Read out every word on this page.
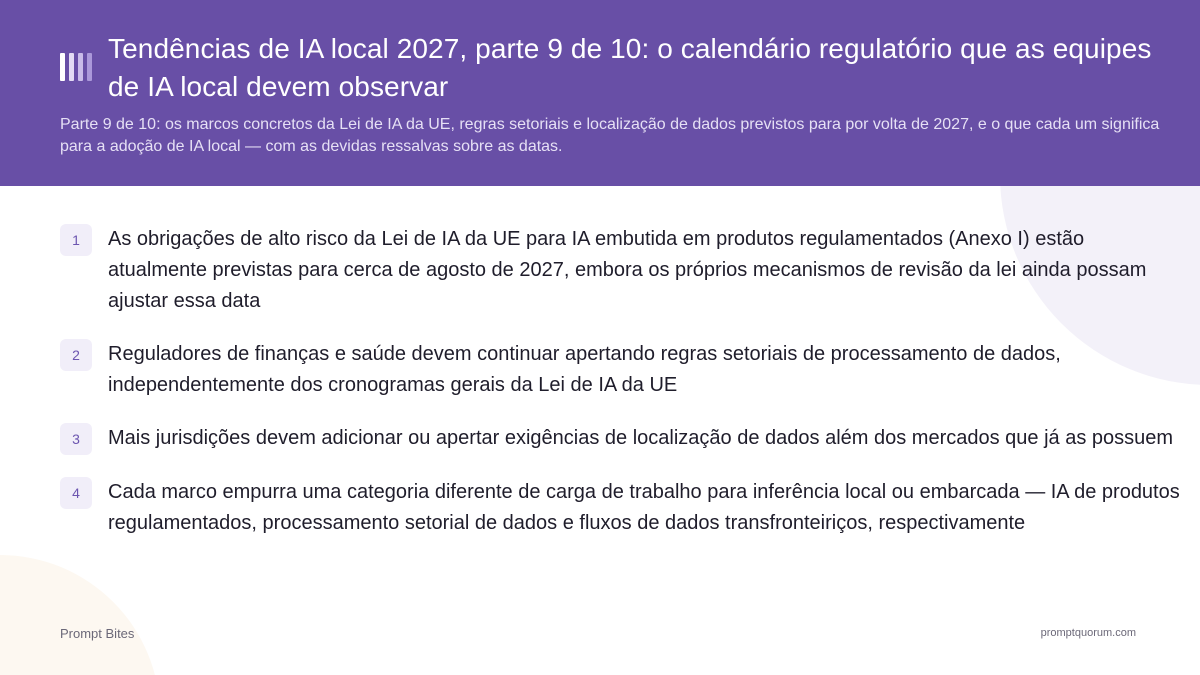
Tendências de IA local 2027, parte 9 de 10: o calendário regulatório que as equipes de IA local devem observar

Parte 9 de 10: os marcos concretos da Lei de IA da UE, regras setoriais e localização de dados previstos para por volta de 2027, e o que cada um significa para a adoção de IA local — com as devidas ressalvas sobre as datas.

1	As obrigações de alto risco da Lei de IA da UE para IA embutida em produtos regulamentados (Anexo I) estão atualmente previstas para cerca de agosto de 2027, embora os próprios mecanismos de revisão da lei ainda possam ajustar essa data
2	Reguladores de finanças e saúde devem continuar apertando regras setoriais de processamento de dados, independentemente dos cronogramas gerais da Lei de IA da UE
3	Mais jurisdições devem adicionar ou apertar exigências de localização de dados além dos mercados que já as possuem
4	Cada marco empurra uma categoria diferente de carga de trabalho para inferência local ou embarcada — IA de produtos regulamentados, processamento setorial de dados e fluxos de dados transfronteiriços, respectivamente
Prompt Bites	promptquorum.com
